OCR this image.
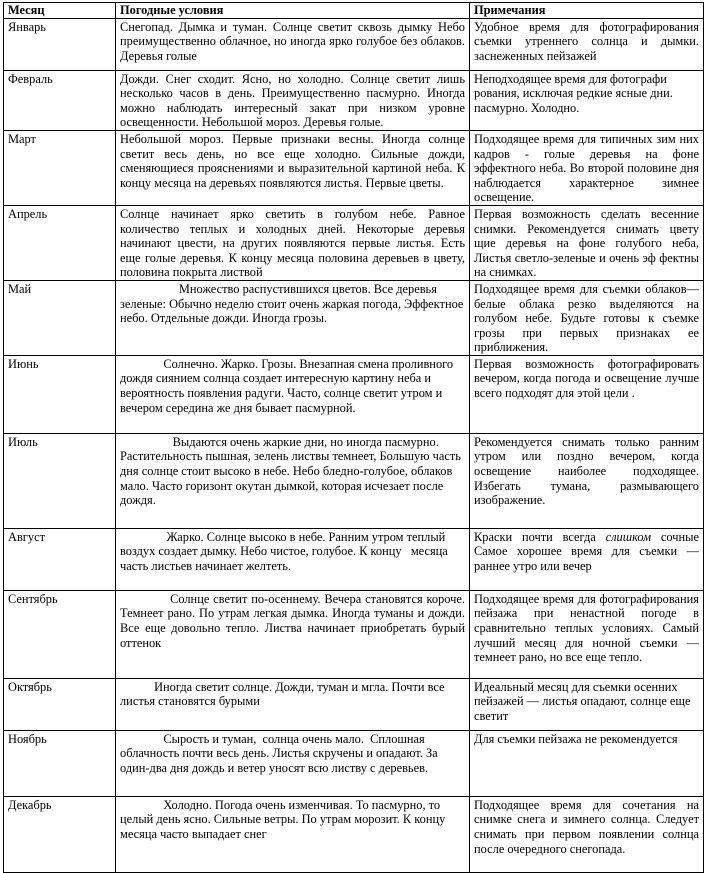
Месяц	Погодные условия	Примечания
Январь	Снегопад. Дымка и туман. Солнце светит сквозь дымку Небо преимущественно облачное, но иногда ярко голубое без облаков. Деревья голые	Удобное время для фотографирования съемки утреннего солнца и дымки. заснеженных пейзажей
Февраль	Дожди. Снег сходит. Ясно, но холодно. Солнце светит лишь несколько часов в день. Преимущественно пасмурно. Иногда можно наблюдать интересный закат при низком уровне освещенности. Небольшой мороз. Деревья голые.	Неподходящее время для фотографи рования, исключая редкие ясные дни. пасмурно. Холодно.
Март	Небольшой мороз. Первые признаки весны. Иногда солнце светит весь день, но все еще холодно. Сильные дожди, сменяющиеся прояснениями и выразительной картиной неба. К концу месяца на деревьях появляются листья. Первые цветы.	Подходящее время для типичных зим них кадров - голые деревья на фоне эффектного неба. Во второй половине дня наблюдается характерное зимнее освещение.
Апрель	Солнце начинает ярко светить в голубом небе. Равное количество теплых и холодных дней. Некоторые деревья начинают цвести, на других появляются первые листья. Есть еще голые деревья. К концу месяца половина деревьев в цвету, половина покрыта листвой	Первая возможность сделать весенние снимки. Рекомендуется снимать цвету щие деревья на фоне голубого неба, Листья светло-зеленые и очень эф фектны на снимках.
Май	Множество распустившихся цветов. Все деревья зеленые: Обычно неделю стоит очень жаркая погода, Эффектное небо. Отдельные дожди. Иногда грозы.	Подходящее время для съемки облаков— белые облака резко выделяются на голубом небе. Будьте готовы к съемке грозы при первых признаках ее приближения.
Июнь	Солнечно. Жарко. Грозы. Внезапная смена проливного дождя сиянием солнца создает интересную картину неба и вероятность появления радуги. Часто, солнце светит утром и вечером середина же дня бывает пасмурной.	Первая возможность фотографировать вечером, когда погода и освещение лучше всего подходят для этой цели .
Июль	Выдаются очень жаркие дни, но иногда пасмурно. Растительность пышная, зелень листвы темнеет, Большую часть дня солнце стоит высоко в небе. Небо бледно-голубое, облаков мало. Часто горизонт окутан дымкой, которая исчезает после дождя.	Рекомендуется снимать только ранним утром или поздно вечером, когда освещение наиболее подходящее. Избегать тумана, размывающего изображение.
Август	Жарко. Солнце высоко в небе. Ранним утром теплый воздух создает дымку. Небо чистое, голубое. К концу   месяца часть листьев начинает желтеть.	Краски почти всегда слишком сочные Самое хорошее время для съемки — раннее утро или вечер
Сентябрь	Солнце светит по-осеннему. Вечера становятся короче. Темнеет рано. По утрам легкая дымка. Иногда туманы и дожди. Все еще довольно тепло. Листва начинает приобретать бурый оттенок	Подходящее время для фотографирования пейзажа при ненастной погоде в сравнительно теплых условиях. Самый лучший месяц для ночной съемки —темнеет рано, но все еще тепло.
Октябрь	Иногда светит солнце. Дожди, туман и мгла. Почти все листья становятся бурыми	Идеальный месяц для съемки осенних пейзажей — листья опадают, солнце еще светит
Ноябрь	Сырость и туман,  солнца очень мало.  Сплошная облачность почти весь день. Листья скручены и опадают. За один-два дня дождь и ветер уносят всю листву с деревьев.	Для съемки пейзажа не рекомендуется
Декабрь	Холодно. Погода очень изменчивая. То пасмурно, то целый день ясно. Сильные ветры. По утрам морозит. К концу месяца часто выпадает снег	Подходящее время для сочетания на снимке снега и зимнего солнца. Следует снимать при первом появлении солнца после очередного снегопада.
